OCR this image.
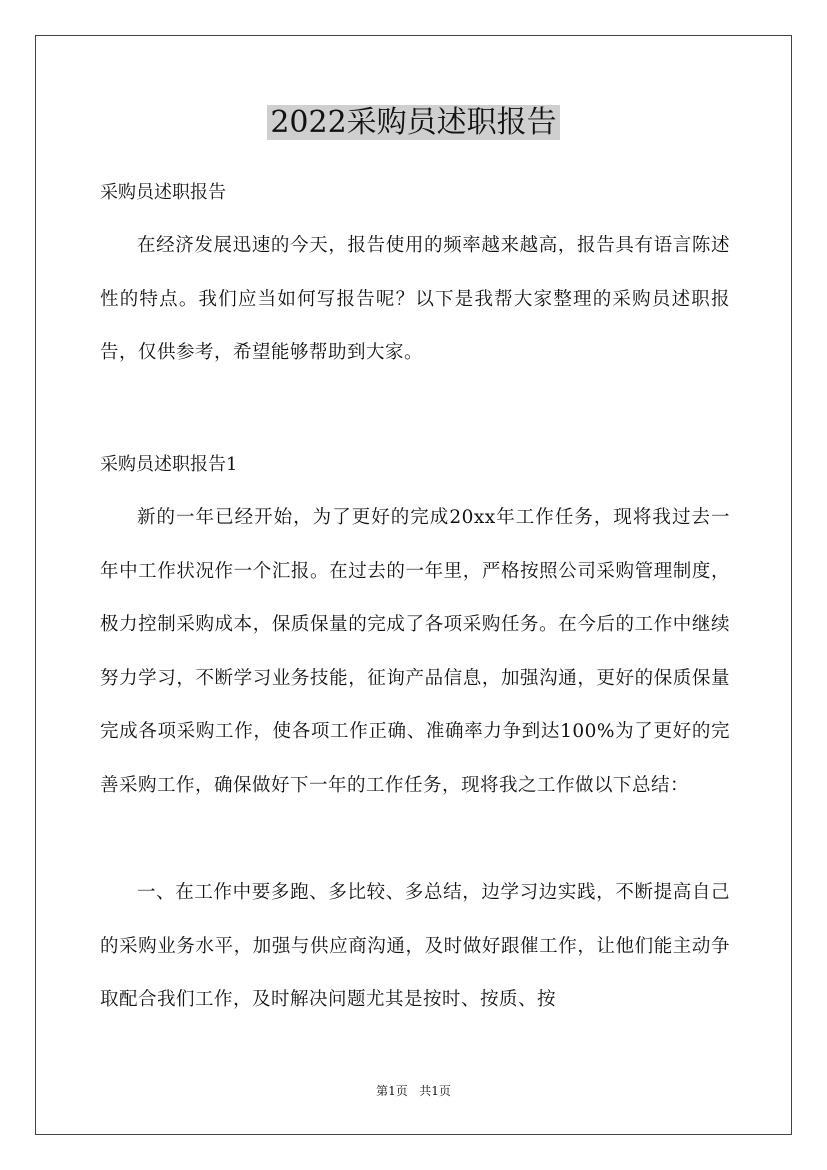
2022采购员述职报告
采购员述职报告

在经济发展迅速的今天，报告使用的频率越来越高，报告具有语言陈述性的特点。我们应当如何写报告呢？以下是我帮大家整理的采购员述职报告，仅供参考，希望能够帮助到大家。

采购员述职报告1

新的一年已经开始，为了更好的完成20xx年工作任务，现将我过去一年中工作状况作一个汇报。在过去的一年里，严格按照公司采购管理制度，极力控制采购成本，保质保量的完成了各项采购任务。在今后的工作中继续努力学习，不断学习业务技能，征询产品信息，加强沟通，更好的保质保量完成各项采购工作，使各项工作正确、准确率力争到达100%为了更好的完善采购工作，确保做好下一年的工作任务，现将我之工作做以下总结：

一、在工作中要多跑、多比较、多总结，边学习边实践，不断提高自己的采购业务水平，加强与供应商沟通，及时做好跟催工作，让他们能主动争取配合我们工作，及时解决问题尤其是按时、按质、按

第1页   共1页
